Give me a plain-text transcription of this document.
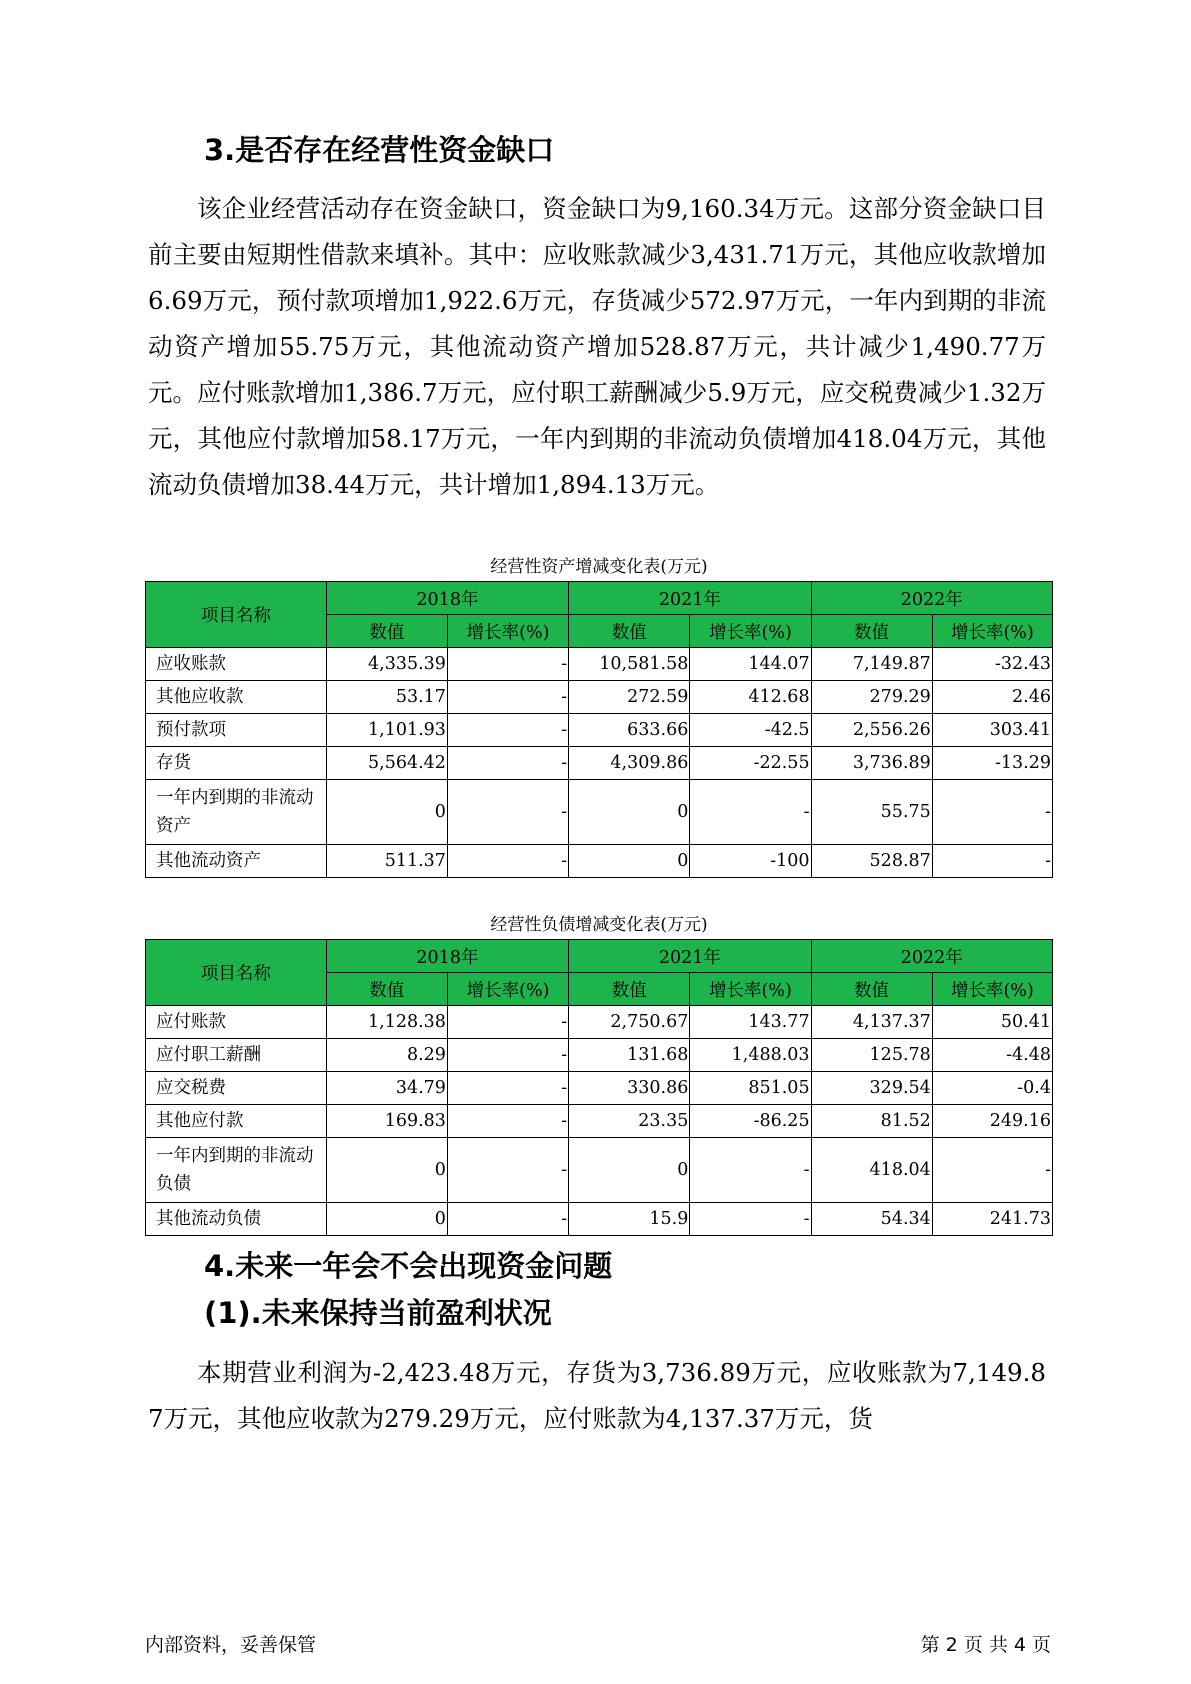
3.是否存在经营性资金缺口

该企业经营活动存在资金缺口，资金缺口为9,160.34万元。这部分资金缺口目前主要由短期性借款来填补。其中：应收账款减少3,431.71万元，其他应收款增加6.69万元，预付款项增加1,922.6万元，存货减少572.97万元，一年内到期的非流动资产增加55.75万元，其他流动资产增加528.87万元，共计减少1,490.77万元。应付账款增加1,386.7万元，应付职工薪酬减少5.9万元，应交税费减少1.32万元，其他应付款增加58.17万元，一年内到期的非流动负债增加418.04万元，其他流动负债增加38.44万元，共计增加1,894.13万元。

经营性资产增减变化表(万元)
项目名称	2018年		2021年		2022年	
	数值	增长率(%)	数值	增长率(%)	数值	增长率(%)
应收账款	4,335.39	-	10,581.58	144.07	7,149.87	-32.43
其他应收款	53.17	-	272.59	412.68	279.29	2.46
预付款项	1,101.93	-	633.66	-42.5	2,556.26	303.41
存货	5,564.42	-	4,309.86	-22.55	3,736.89	-13.29
一年内到期的非流动资产	0	-	0	-	55.75	-
其他流动资产	511.37	-	0	-100	528.87	-
经营性负债增减变化表(万元)
项目名称	2018年		2021年		2022年	
	数值	增长率(%)	数值	增长率(%)	数值	增长率(%)
应付账款	1,128.38	-	2,750.67	143.77	4,137.37	50.41
应付职工薪酬	8.29	-	131.68	1,488.03	125.78	-4.48
应交税费	34.79	-	330.86	851.05	329.54	-0.4
其他应付款	169.83	-	23.35	-86.25	81.52	249.16
一年内到期的非流动负债	0	-	0	-	418.04	-
其他流动负债	0	-	15.9	-	54.34	241.73
4.未来一年会不会出现资金问题
(1).未来保持当前盈利状况

本期营业利润为-2,423.48万元，存货为3,736.89万元，应收账款为7,149.87万元，其他应收款为279.29万元，应付账款为4,137.37万元，货

内部资料，妥善保管	第 2 页 共 4 页
